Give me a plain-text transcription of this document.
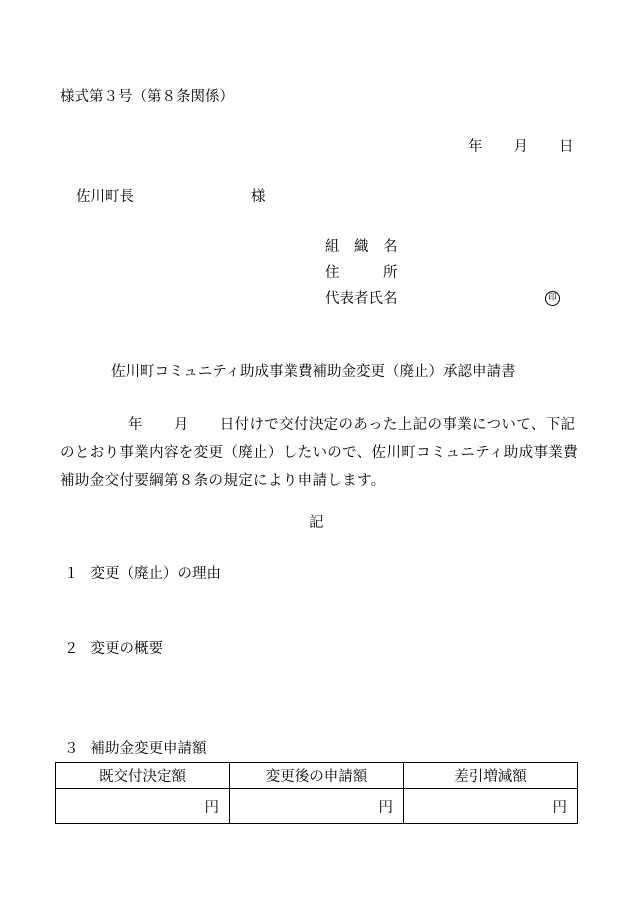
様式第３号（第８条関係）
年 月 日
佐川町長	様
組　織　名
住　　　所
代表者氏名	印
佐川町コミュニティ助成事業費補助金変更（廃止）承認申請書
年 月 日付けで交付決定のあった上記の事業について、下記のとおり事業内容を変更（廃止）したいので、佐川町コミュニティ助成事業費補助金交付要綱第８条の規定により申請します。
記
１ 変更（廃止）の理由
２ 変更の概要
３ 補助金変更申請額
既交付決定額	変更後の申請額	差引増減額
円	円	円
